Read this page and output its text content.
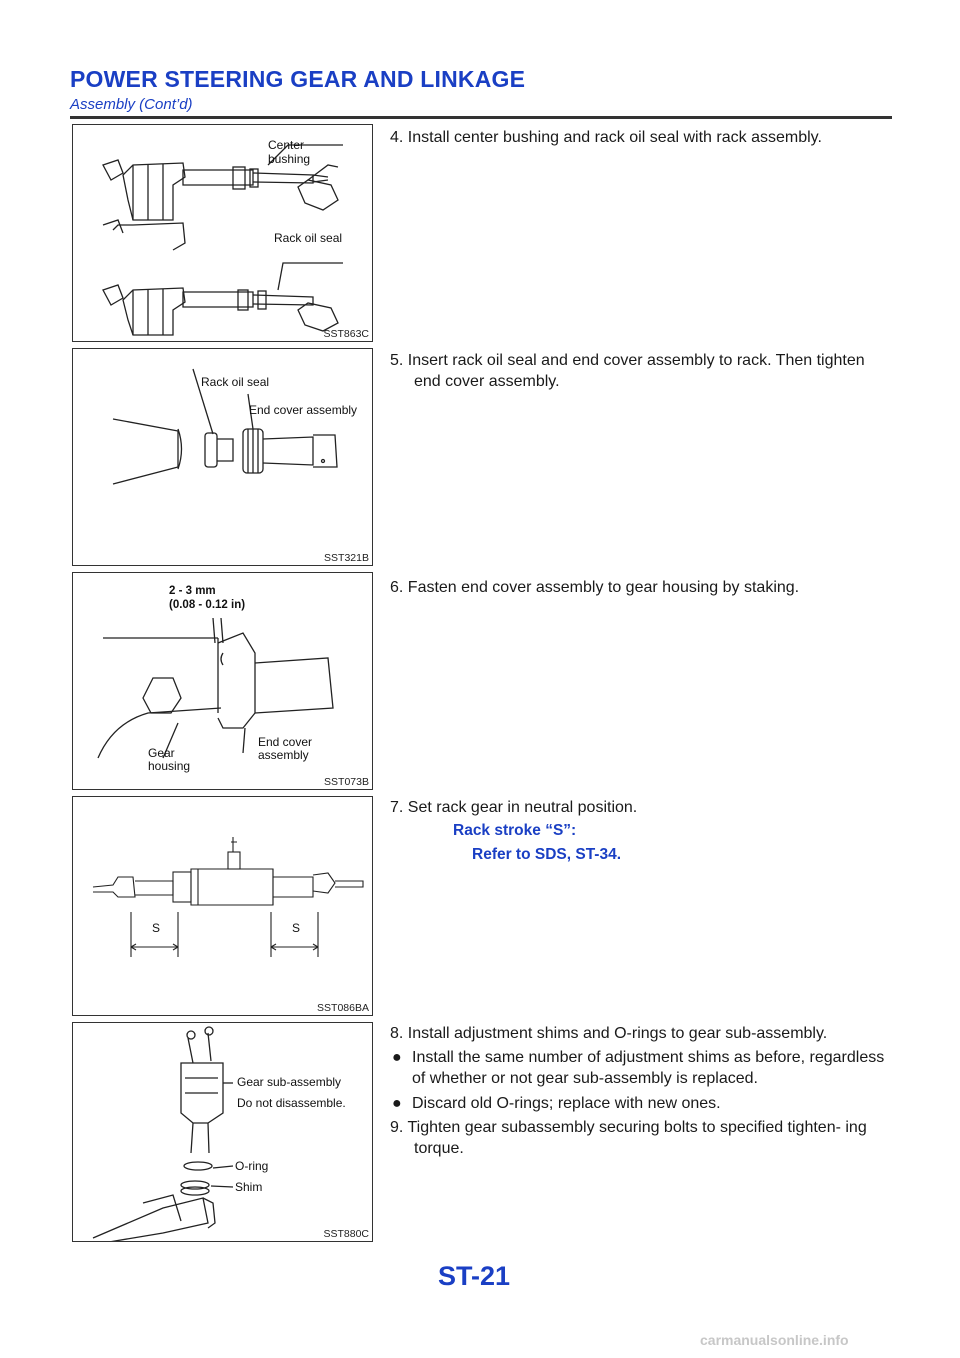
POWER STEERING GEAR AND LINKAGE
Assembly (Cont’d)
Center
bushing
Rack oil seal
SST863C
Rack oil seal
End cover assembly
SST321B
2 - 3 mm
(0.08 - 0.12 in)
Gear
housing
End cover
assembly
SST073B
S	S
SST086BA
Gear sub-assembly
Do not disassemble.
O-ring
Shim
SST880C
4. Install center bushing and rack oil seal with rack assembly.
5. Insert rack oil seal and end cover assembly to rack. Then tighten end cover assembly.
6. Fasten end cover assembly to gear housing by staking.
7. Set rack gear in neutral position.
Rack stroke “S”:
Refer to SDS, ST-34.
8. Install adjustment shims and O-rings to gear sub-assembly.
● Install the same number of adjustment shims as before, regardless of whether or not gear sub-assembly is replaced.
● Discard old O-rings; replace with new ones.
9. Tighten gear subassembly securing bolts to specified tighten- ing torque.
ST-21
carmanualsonline.info
